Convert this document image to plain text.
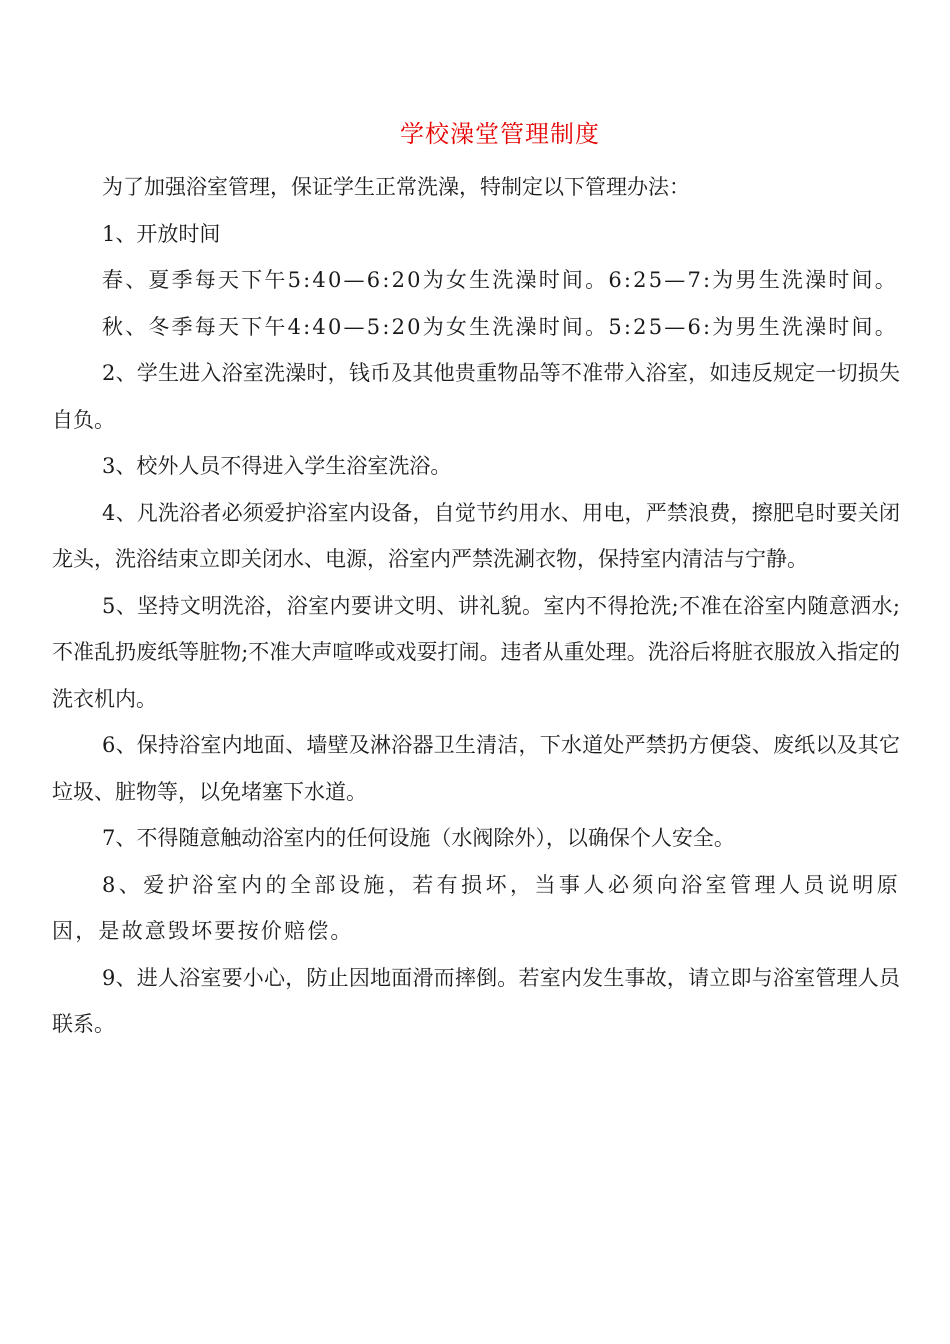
学校澡堂管理制度

为了加强浴室管理，保证学生正常洗澡，特制定以下管理办法：

1、开放时间

春、夏季每天下午5:40—6:20为女生洗澡时间。6:25—7:为男生洗澡时间。

秋、冬季每天下午4:40—5:20为女生洗澡时间。5:25—6:为男生洗澡时间。

2、学生进入浴室洗澡时，钱币及其他贵重物品等不准带入浴室，如违反规定一切损失自负。

3、校外人员不得进入学生浴室洗浴。

4、凡洗浴者必须爱护浴室内设备，自觉节约用水、用电，严禁浪费，擦肥皂时要关闭龙头，洗浴结束立即关闭水、电源，浴室内严禁洗涮衣物，保持室内清洁与宁静。

5、坚持文明洗浴，浴室内要讲文明、讲礼貌。室内不得抢洗;不准在浴室内随意洒水;不准乱扔废纸等脏物;不准大声喧哗或戏耍打闹。违者从重处理。洗浴后将脏衣服放入指定的洗衣机内。

6、保持浴室内地面、墙壁及淋浴器卫生清洁，下水道处严禁扔方便袋、废纸以及其它垃圾、脏物等，以免堵塞下水道。

7、不得随意触动浴室内的任何设施（水阀除外），以确保个人安全。

8、爱护浴室内的全部设施，若有损坏，当事人必须向浴室管理人员说明原因，是故意毁坏要按价赔偿。

9、进人浴室要小心，防止因地面滑而摔倒。若室内发生事故，请立即与浴室管理人员联系。
